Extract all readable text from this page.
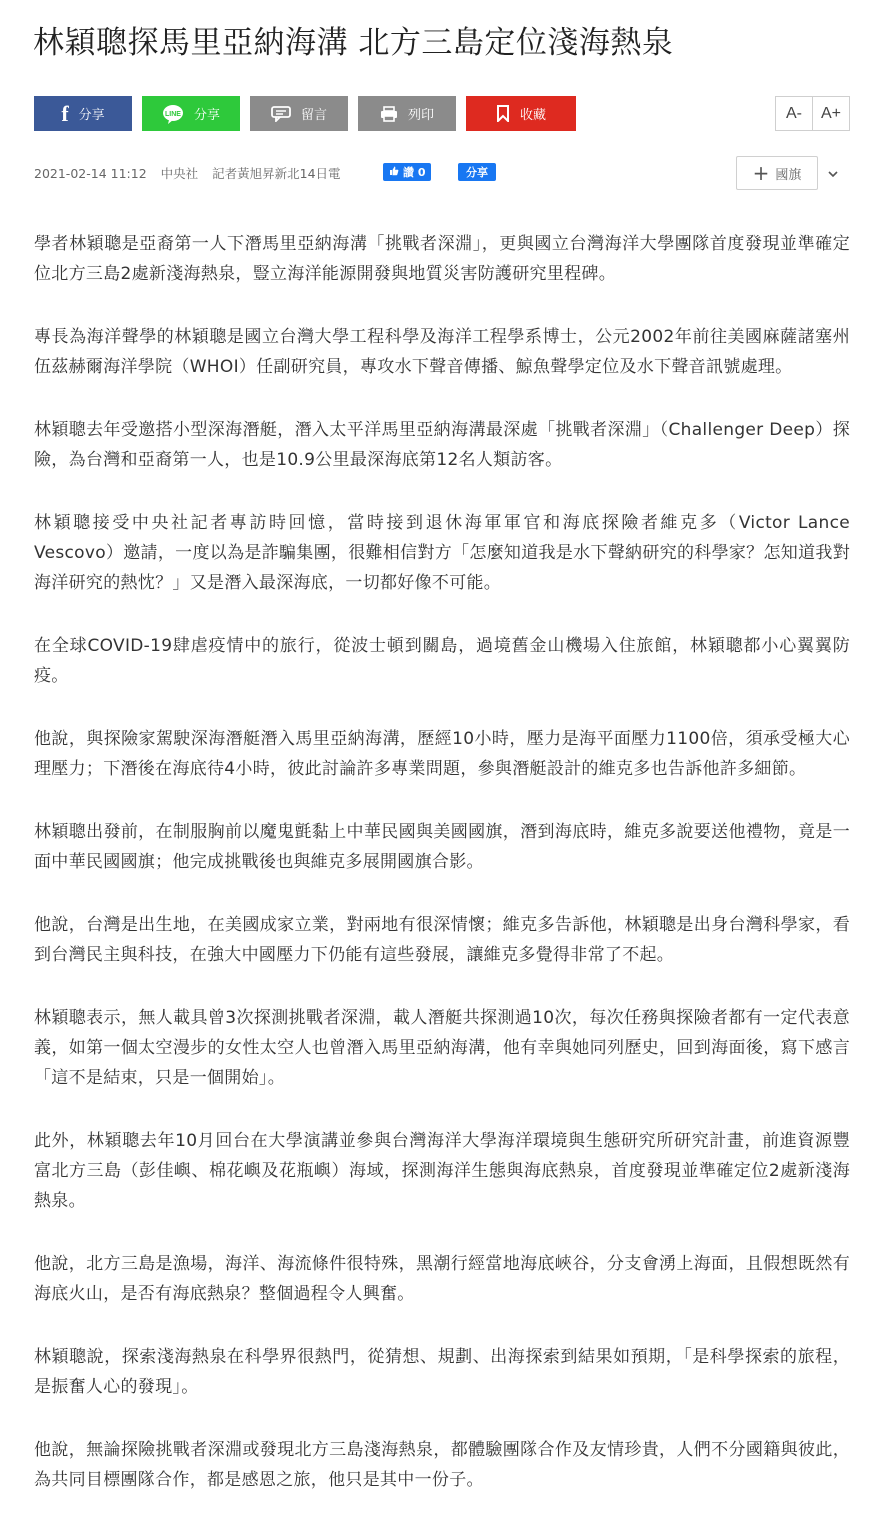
林穎聰探馬里亞納海溝 北方三島定位淺海熱泉
f 分享	LINE 分享	留言	列印	收藏	A-	A+
2021-02-14 11:12 中央社 記者黃旭昇新北14日電	讚 0	分享	+ 國旗

學者林穎聰是亞裔第一人下潛馬里亞納海溝「挑戰者深淵」，更與國立台灣海洋大學團隊首度發現並準確定位北方三島2處新淺海熱泉，豎立海洋能源開發與地質災害防護研究里程碑。

專長為海洋聲學的林穎聰是國立台灣大學工程科學及海洋工程學系博士，公元2002年前往美國麻薩諸塞州伍茲赫爾海洋學院（WHOI）任副研究員，專攻水下聲音傳播、鯨魚聲學定位及水下聲音訊號處理。

林穎聰去年受邀搭小型深海潛艇，潛入太平洋馬里亞納海溝最深處「挑戰者深淵」（Challenger Deep）探險，為台灣和亞裔第一人，也是10.9公里最深海底第12名人類訪客。

林穎聰接受中央社記者專訪時回憶，當時接到退休海軍軍官和海底探險者維克多（Victor Lance Vescovo）邀請，一度以為是詐騙集團，很難相信對方「怎麼知道我是水下聲納研究的科學家？怎知道我對海洋研究的熱忱？」又是潛入最深海底，一切都好像不可能。

在全球COVID-19肆虐疫情中的旅行，從波士頓到關島，過境舊金山機場入住旅館，林穎聰都小心翼翼防疫。

他說，與探險家駕駛深海潛艇潛入馬里亞納海溝，歷經10小時，壓力是海平面壓力1100倍，須承受極大心理壓力；下潛後在海底待4小時，彼此討論許多專業問題，參與潛艇設計的維克多也告訴他許多細節。

林穎聰出發前，在制服胸前以魔鬼氈黏上中華民國與美國國旗，潛到海底時，維克多說要送他禮物，竟是一面中華民國國旗；他完成挑戰後也與維克多展開國旗合影。

他說，台灣是出生地，在美國成家立業，對兩地有很深情懷；維克多告訴他，林穎聰是出身台灣科學家，看到台灣民主與科技，在強大中國壓力下仍能有這些發展，讓維克多覺得非常了不起。

林穎聰表示，無人載具曾3次探測挑戰者深淵，載人潛艇共探測過10次，每次任務與探險者都有一定代表意義，如第一個太空漫步的女性太空人也曾潛入馬里亞納海溝，他有幸與她同列歷史，回到海面後，寫下感言「這不是結束，只是一個開始」。

此外，林穎聰去年10月回台在大學演講並參與台灣海洋大學海洋環境與生態研究所研究計畫，前進資源豐富北方三島（彭佳嶼、棉花嶼及花瓶嶼）海域，探測海洋生態與海底熱泉，首度發現並準確定位2處新淺海熱泉。

他說，北方三島是漁場，海洋、海流條件很特殊，黑潮行經當地海底峽谷，分支會湧上海面，且假想既然有海底火山，是否有海底熱泉？整個過程令人興奮。

林穎聰說，探索淺海熱泉在科學界很熱門，從猜想、規劃、出海探索到結果如預期，「是科學探索的旅程，是振奮人心的發現」。

他說，無論探險挑戰者深淵或發現北方三島淺海熱泉，都體驗團隊合作及友情珍貴，人們不分國籍與彼此，為共同目標團隊合作，都是感恩之旅，他只是其中一份子。
